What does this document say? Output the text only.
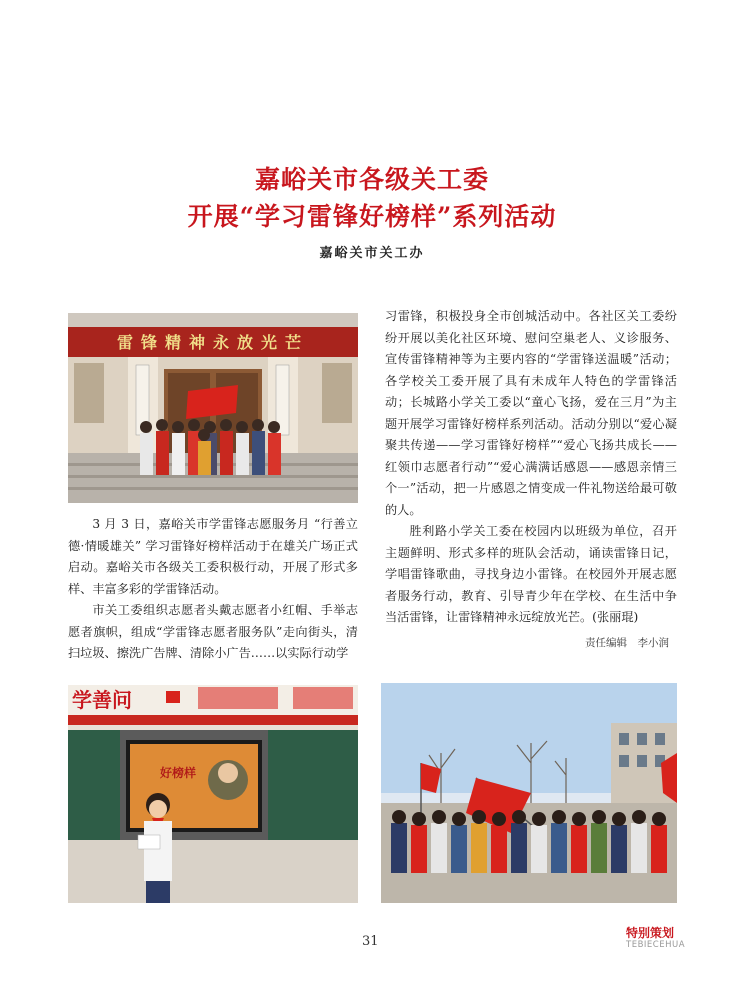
嘉峪关市各级关工委
开展“学习雷锋好榜样”系列活动
嘉峪关市关工办
雷锋精神永放光芒

3 月 3 日，嘉峪关市学雷锋志愿服务月 “行善立德·情暖雄关” 学习雷锋好榜样活动于在雄关广场正式启动。嘉峪关市各级关工委积极行动，开展了形式多样、丰富多彩的学雷锋活动。

市关工委组织志愿者头戴志愿者小红帽、手举志愿者旗帜，组成“学雷锋志愿者服务队”走向街头，清扫垃圾、擦洗广告牌、清除小广告……以实际行动学

习雷锋，积极投身全市创城活动中。各社区关工委纷纷开展以美化社区环境、慰问空巢老人、义诊服务、宣传雷锋精神等为主要内容的“学雷锋送温暖”活动；各学校关工委开展了具有未成年人特色的学雷锋活动；长城路小学关工委以“童心飞扬，爱在三月”为主题开展学习雷锋好榜样系列活动。活动分别以“爱心凝聚共传递——学习雷锋好榜样”“爱心飞扬共成长——红领巾志愿者行动”“爱心满满话感恩——感恩亲情三个一”活动，把一片感恩之情变成一件礼物送给最可敬的人。

胜利路小学关工委在校园内以班级为单位，召开主题鲜明、形式多样的班队会活动，诵读雷锋日记，学唱雷锋歌曲，寻找身边小雷锋。在校园外开展志愿者服务行动，教育、引导青少年在学校、在生活中争当活雷锋，让雷锋精神永远绽放光芒。(张丽琨)

责任编辑　李小润
学善问
好榜样
31
特别策划
TEBIECEHUA
